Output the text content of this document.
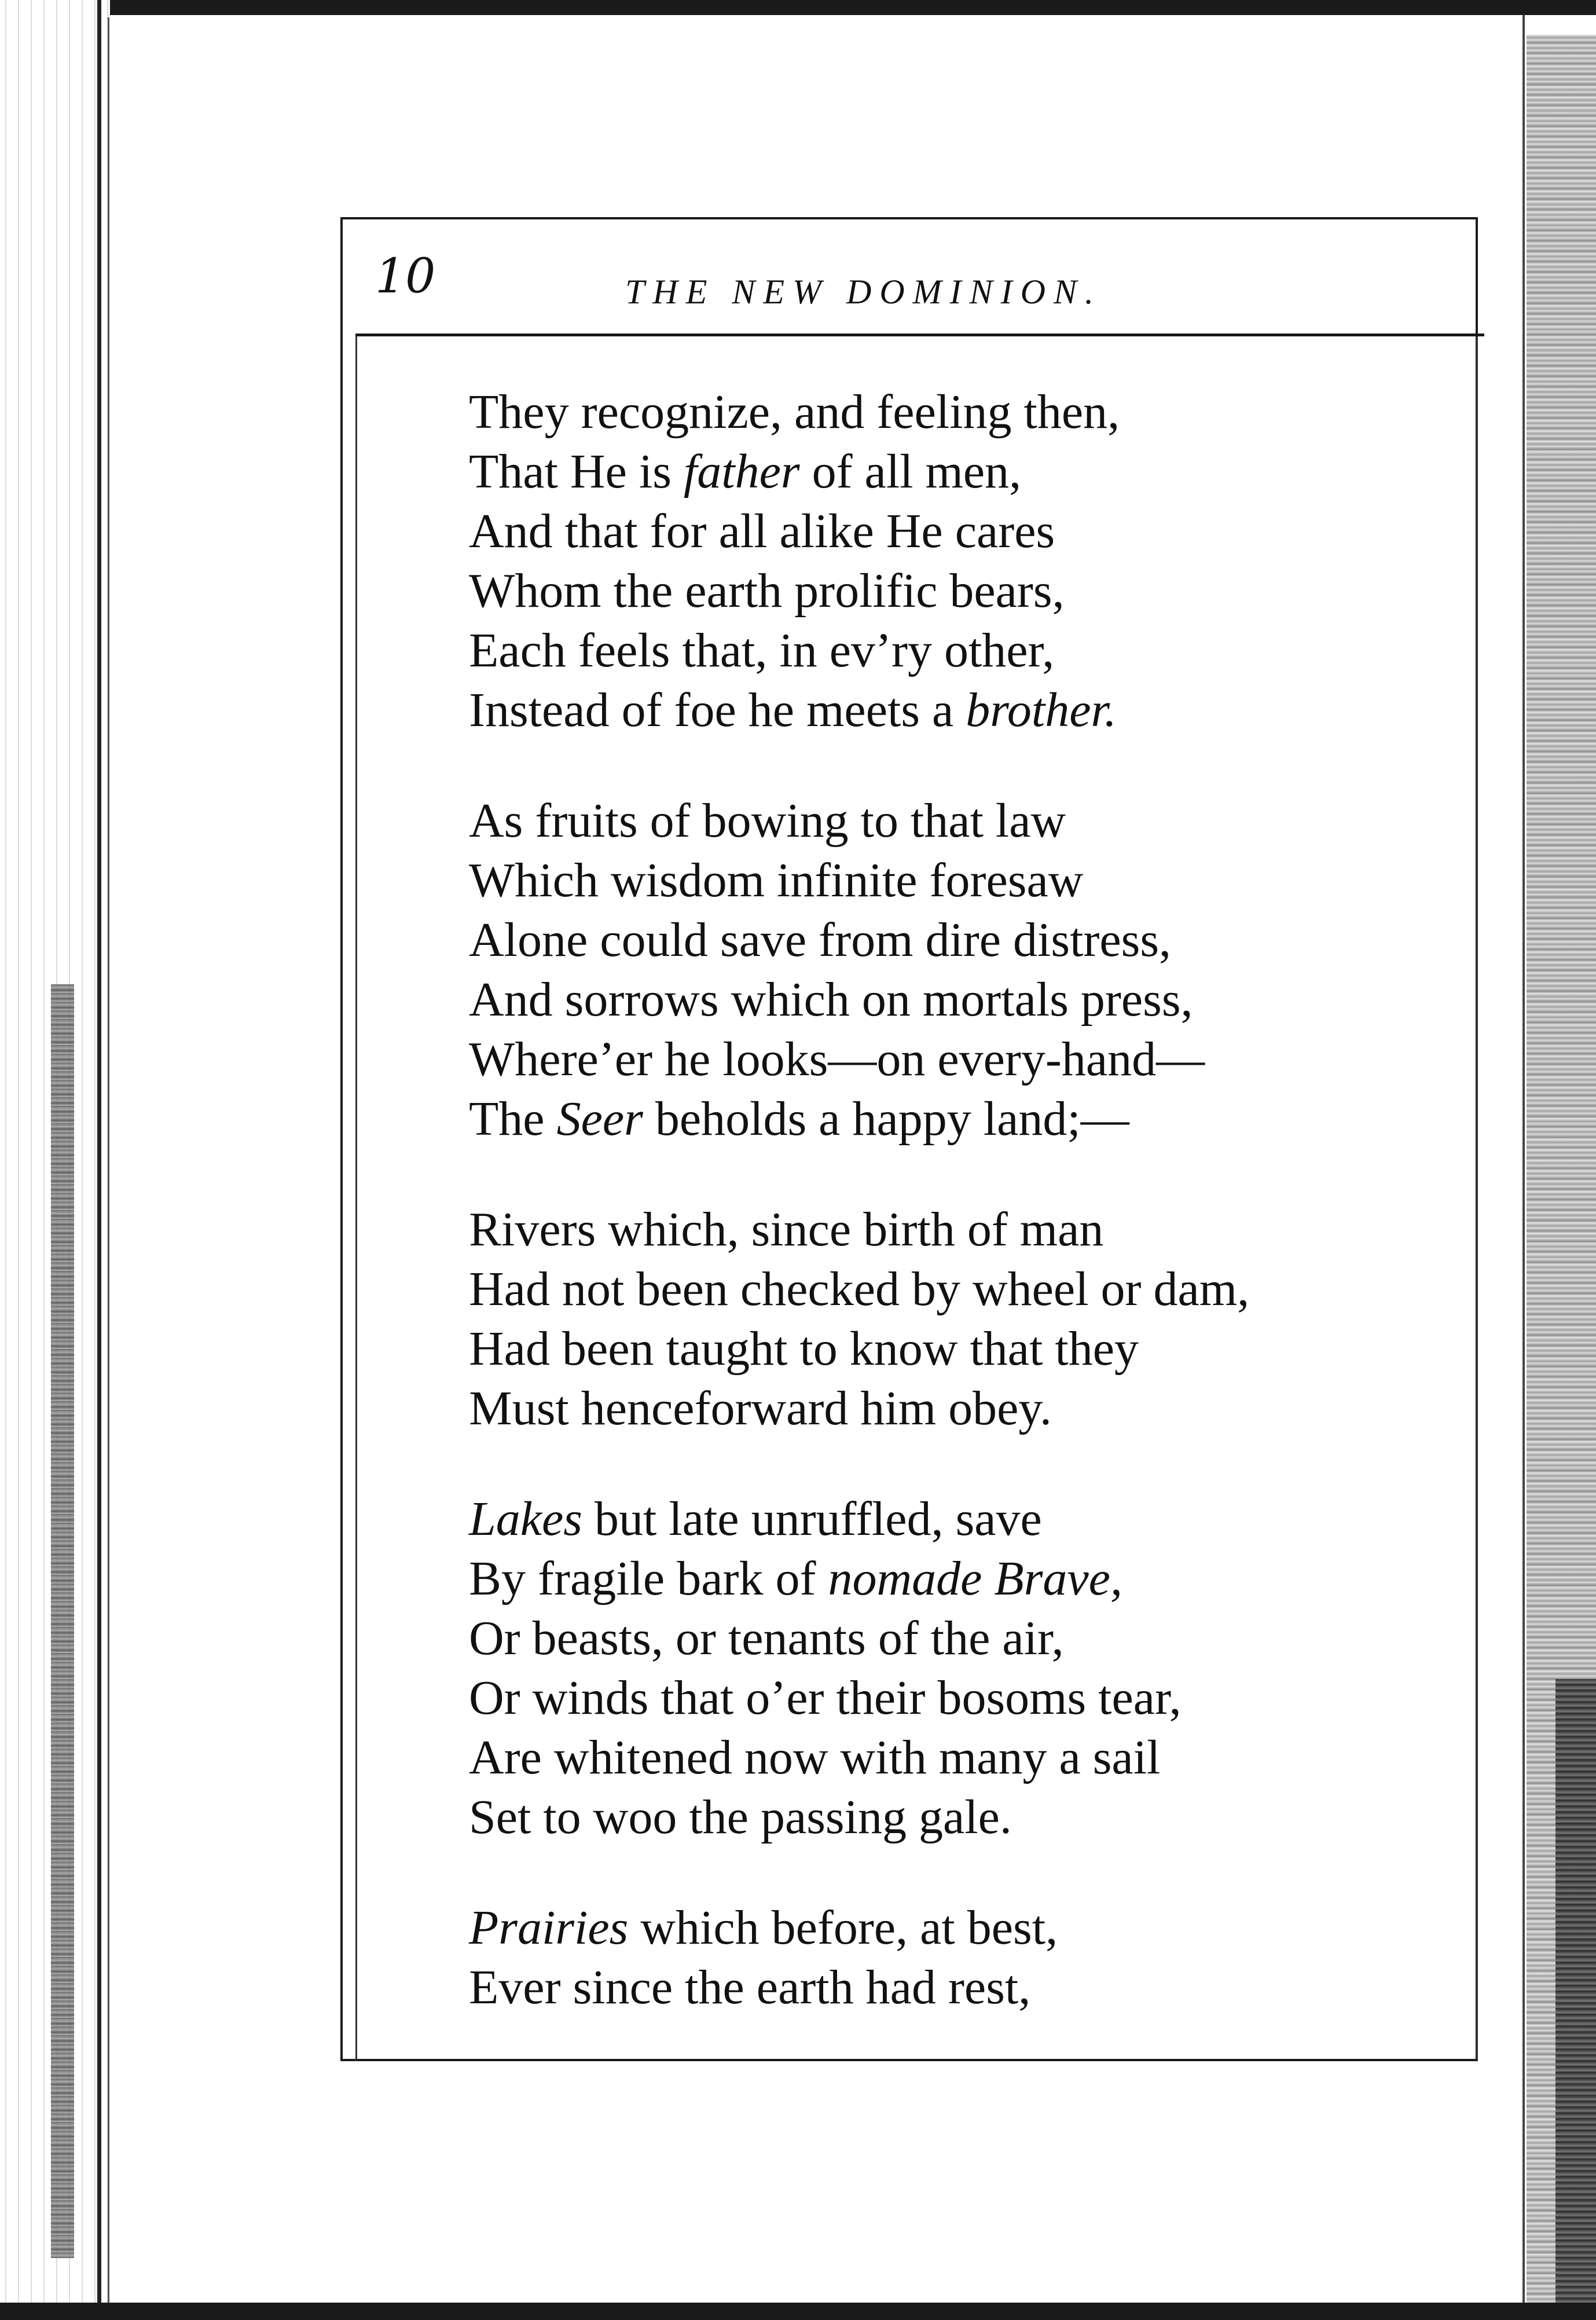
10	THE NEW DOMINION.
They recognize, and feeling then,
That He is father of all men,
And that for all alike He cares
Whom the earth prolific bears,
Each feels that, in ev’ry other,
Instead of foe he meets a brother.
As fruits of bowing to that law
Which wisdom infinite foresaw
Alone could save from dire distress,
And sorrows which on mortals press,
Where’er he looks—on every-hand—
The Seer beholds a happy land;—
Rivers which, since birth of man
Had not been checked by wheel or dam,
Had been taught to know that they
Must henceforward him obey.
Lakes but late unruffled, save
By fragile bark of nomade Brave,
Or beasts, or tenants of the air,
Or winds that o’er their bosoms tear,
Are whitened now with many a sail
Set to woo the passing gale.
Prairies which before, at best,
Ever since the earth had rest,
